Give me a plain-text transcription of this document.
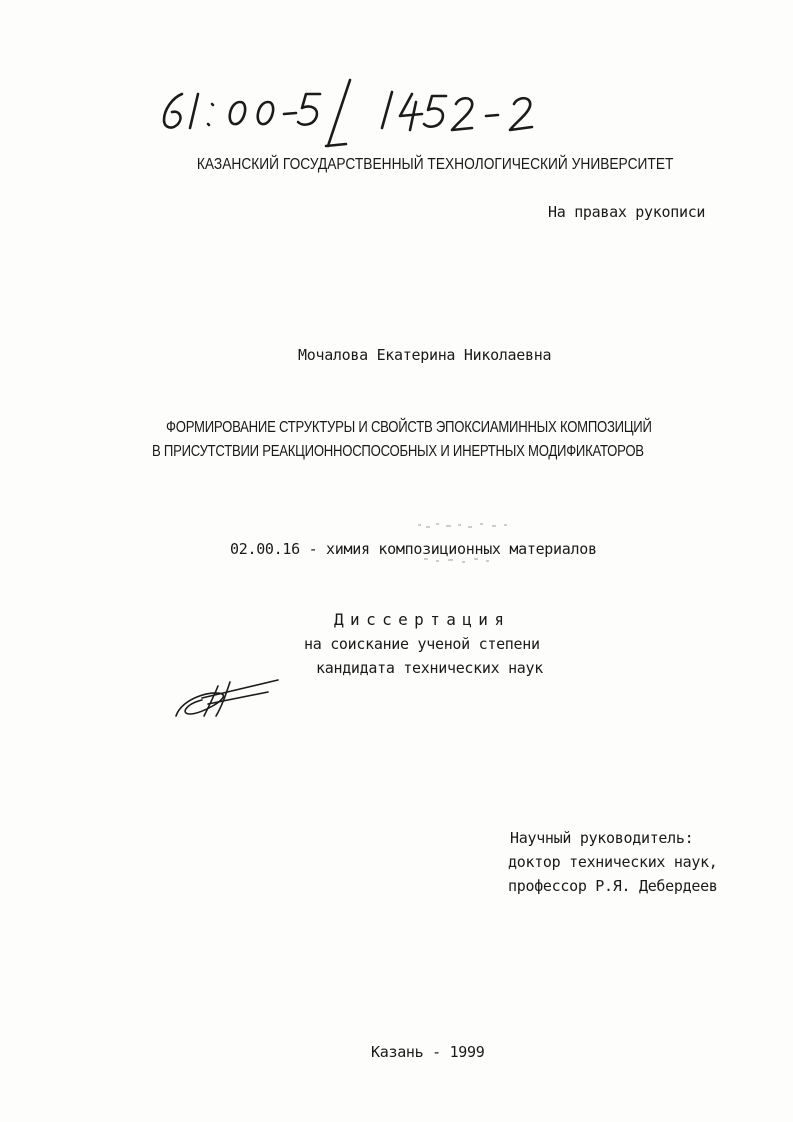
КАЗАНСКИЙ ГОСУДАРСТВЕННЫЙ ТЕХНОЛОГИЧЕСКИЙ УНИВЕРСИТЕТ
На правах рукописи
Мочалова Екатерина Николаевна
ФОРМИРОВАНИЕ СТРУКТУРЫ И СВОЙСТВ ЭПОКСИАМИННЫХ КОМПОЗИЦИЙ
В ПРИСУТСТВИИ РЕАКЦИОННОСПОСОБНЫХ И ИНЕРТНЫХ МОДИФИКАТОРОВ
02.00.16 - химия композиционных материалов
Диссертация
на соискание ученой степени
кандидата технических наук
Научный руководитель:
доктор технических наук,
профессор Р.Я. Дебердеев
Казань - 1999
